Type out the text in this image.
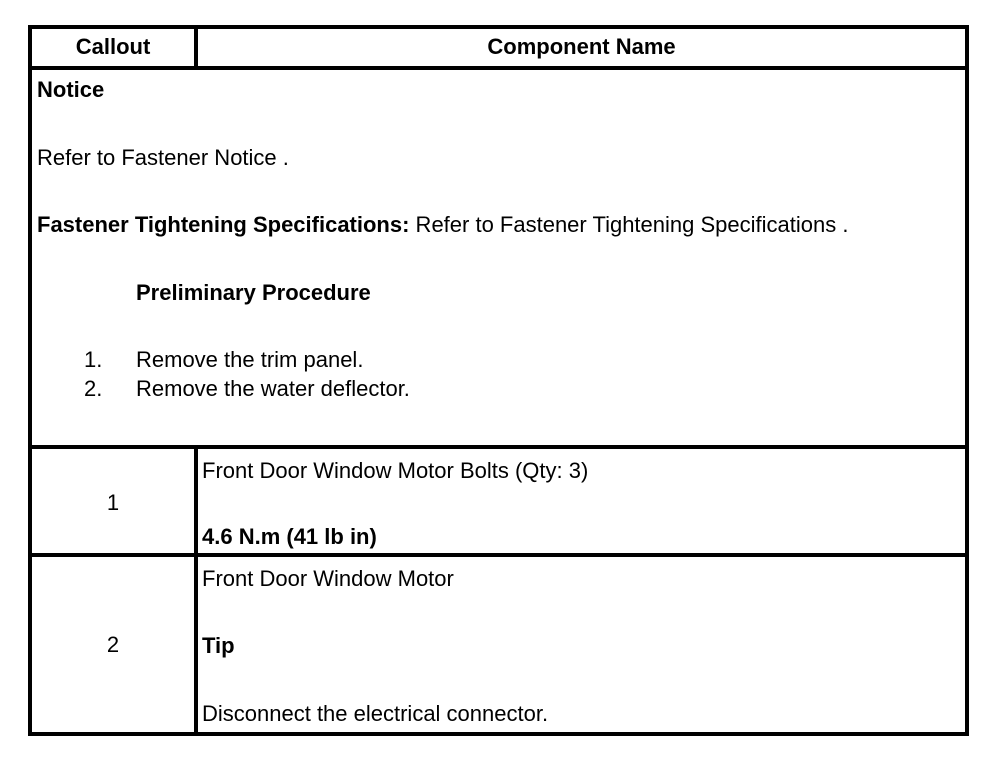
Callout	Component Name
Notice
Refer to Fastener Notice .
Fastener Tightening Specifications: Refer to Fastener Tightening Specifications .
Preliminary Procedure
1. Remove the trim panel.
2. Remove the water deflector.
1
Front Door Window Motor Bolts (Qty: 3)
4.6 N.m (41 lb in)
2
Front Door Window Motor
Tip
Disconnect the electrical connector.
